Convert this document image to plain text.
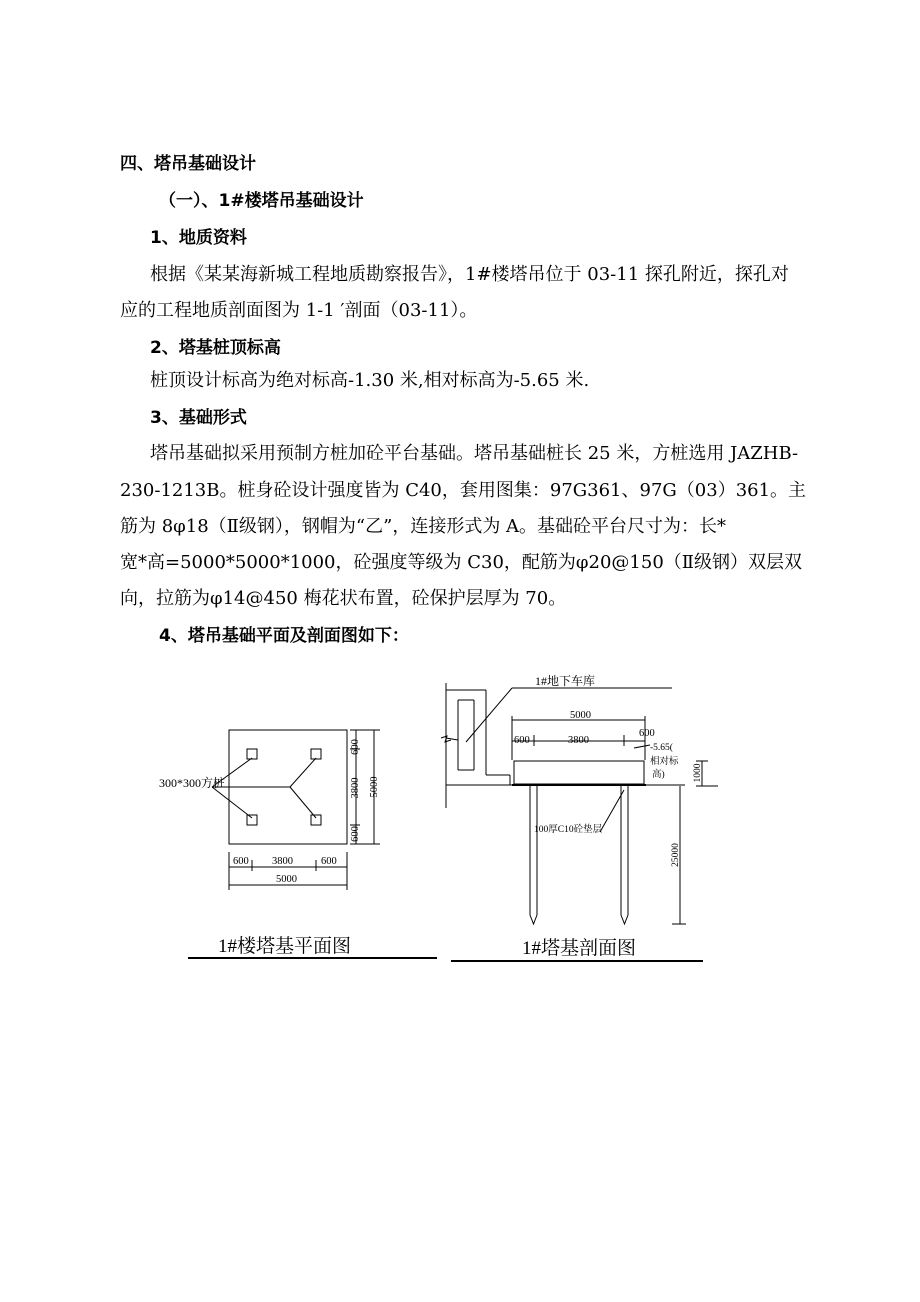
四、塔吊基础设计
（一）、1#楼塔吊基础设计
1、地质资料
根据《某某海新城工程地质勘察报告》，1#楼塔吊位于 03-11 探孔附近，探孔对
应的工程地质剖面图为 1-1 ′剖面（03-11）。
2、塔基桩顶标高
桩顶设计标高为绝对标高-1.30 米,相对标高为-5.65 米.
3、基础形式
塔吊基础拟采用预制方桩加砼平台基础。塔吊基础桩长 25 米，方桩选用 JAZHB-
230-1213B。桩身砼设计强度皆为 C40，套用图集：97G361、97G（03）361。主
筋为 8φ18（Ⅱ级钢），钢帽为“乙”，连接形式为 A。基础砼平台尺寸为：长*
宽*高=5000*5000*1000，砼强度等级为 C30，配筋为φ20@150（Ⅱ级钢）双层双
向，拉筋为φ14@450 梅花状布置，砼保护层厚为 70。
4、塔吊基础平面及剖面图如下：
300*300方桩
600
3800
600
5000
600 3800	600
5000
1#楼塔基平面图
1#地下车库
5000
600	3800
600
-5.65(
相对标
高)	1000
100厚C10砼垫层
25000
1#塔基剖面图
